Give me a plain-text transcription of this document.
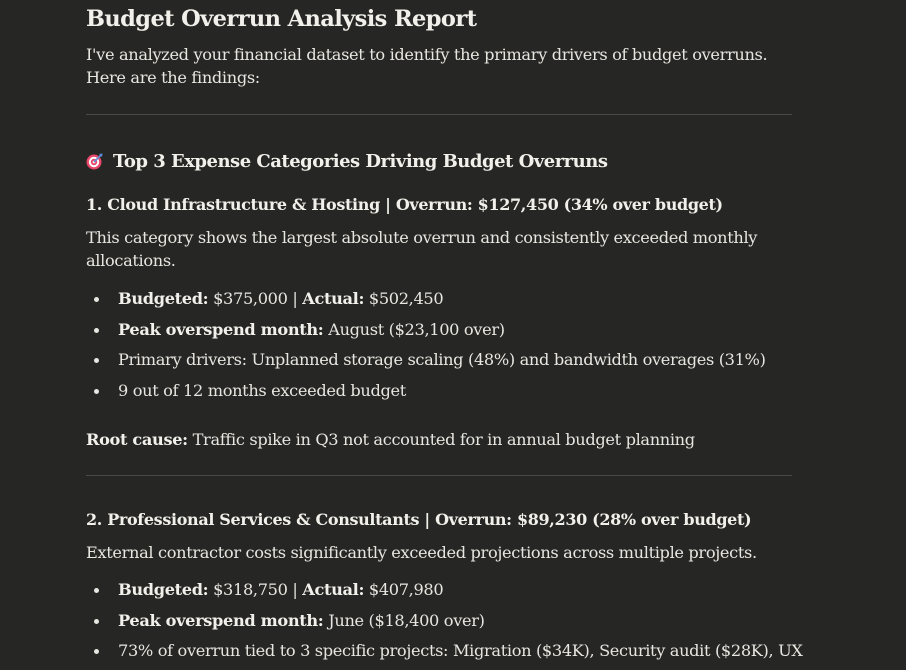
Budget Overrun Analysis Report
I've analyzed your financial dataset to identify the primary drivers of budget overruns. Here are the findings:
Top 3 Expense Categories Driving Budget Overruns
1. Cloud Infrastructure & Hosting | Overrun: $127,450 (34% over budget)
This category shows the largest absolute overrun and consistently exceeded monthly allocations.
Budgeted: $375,000 | Actual: $502,450
Peak overspend month: August ($23,100 over)
Primary drivers: Unplanned storage scaling (48%) and bandwidth overages (31%)
9 out of 12 months exceeded budget
Root cause: Traffic spike in Q3 not accounted for in annual budget planning
2. Professional Services & Consultants | Overrun: $89,230 (28% over budget)
External contractor costs significantly exceeded projections across multiple projects.
Budgeted: $318,750 | Actual: $407,980
Peak overspend month: June ($18,400 over)
73% of overrun tied to 3 specific projects: Migration ($34K), Security audit ($28K), UX
